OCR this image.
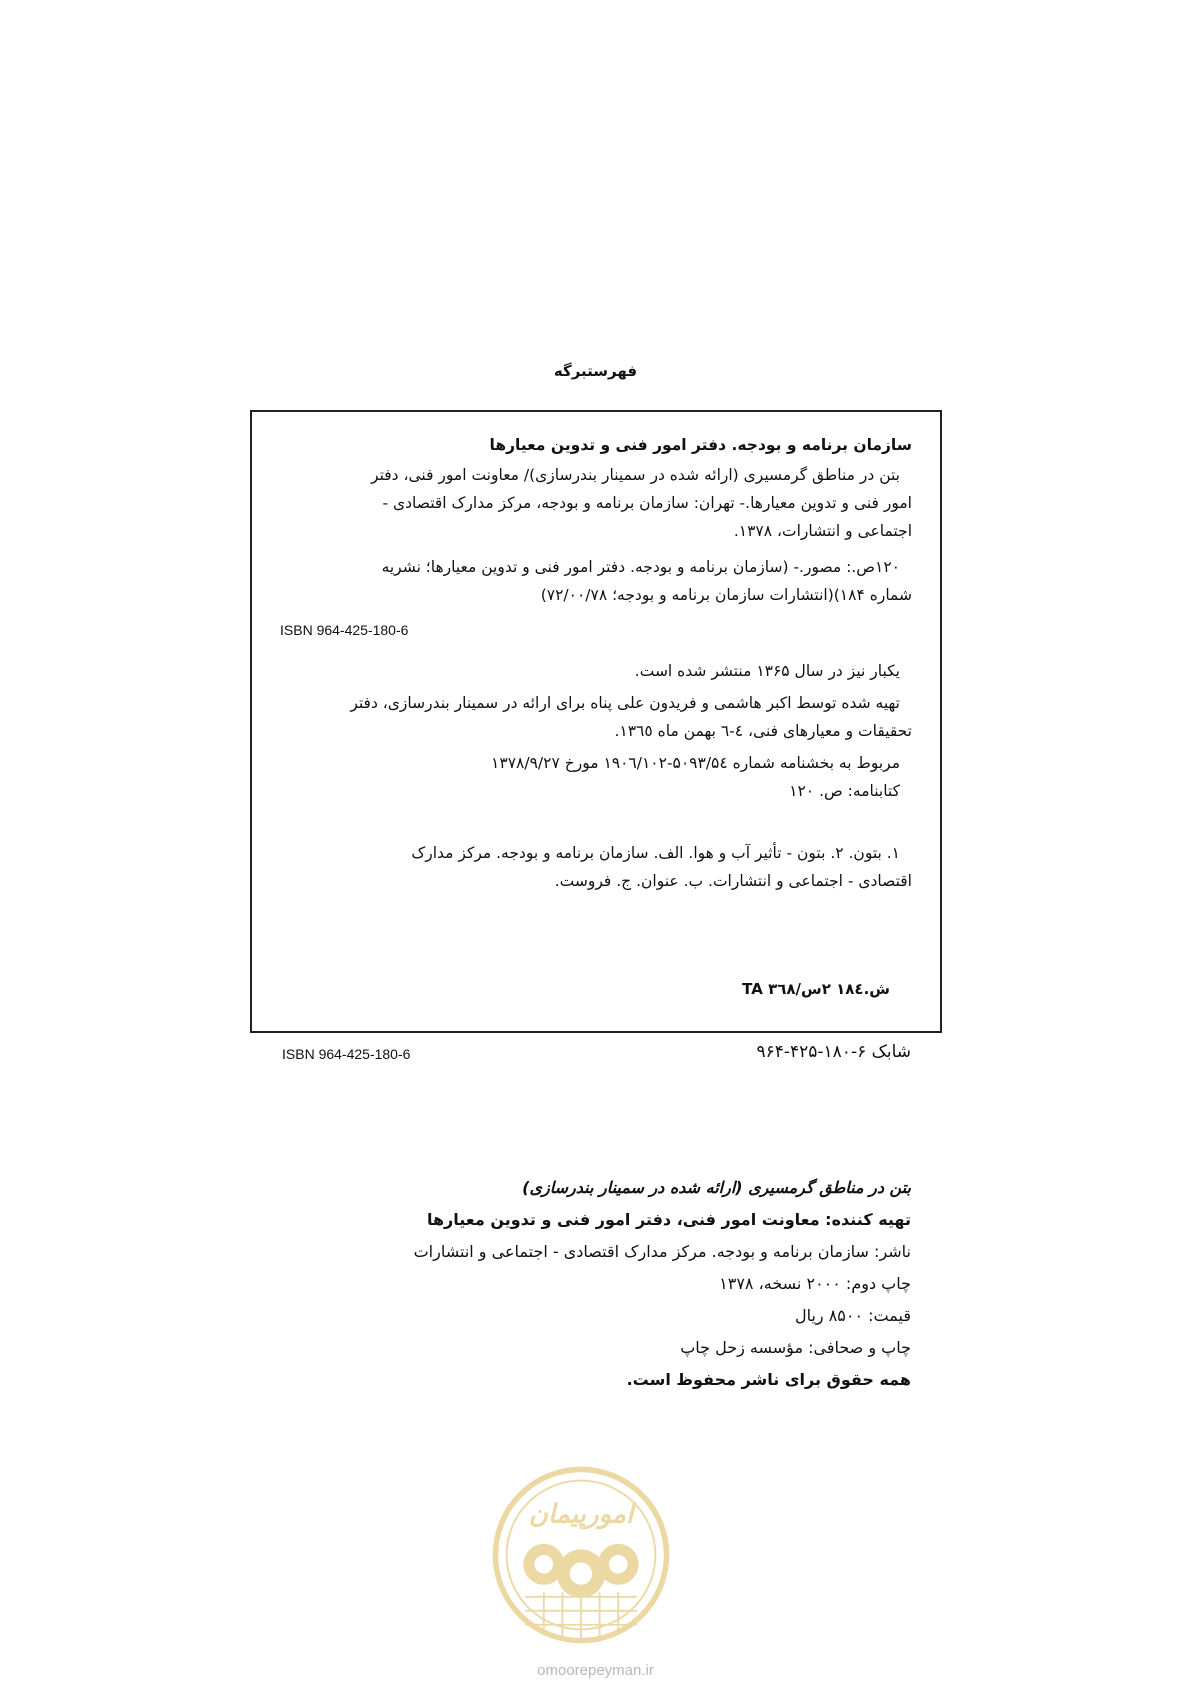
فهرستبرگه
سازمان برنامه و بودجه. دفتر امور فنی و تدوین معیارها
بتن در مناطق گرمسیری (ارائه شده در سمینار بندرسازی)/ معاونت امور فنی، دفتر
امور فنی و تدوین معیارها.- تهران: سازمان برنامه و بودجه، مرکز مدارک اقتصادی -
اجتماعی و انتشارات، ۱۳۷۸.
۱۲۰ص.: مصور.- (سازمان برنامه و بودجه. دفتر امور فنی و تدوین معیارها؛ نشریه
شماره ۱۸۴)(انتشارات سازمان برنامه و بودجه؛ ۷۲/۰۰/۷۸)
ISBN 964-425-180-6
یکبار نیز در سال ۱۳۶۵ منتشر شده است.
تهیه شده توسط اکبر هاشمی و فریدون علی پناه برای ارائه در سمینار بندرسازی، دفتر
تحقیقات و معیارهای فنی، ٤-٦ بهمن ماه ١٣٦٥.
مربوط به بخشنامه شماره ۵۰۹۳/۵٤-١٩٠٦/١٠٢ مورخ ۱۳۷۸/۹/۲۷
کتابنامه: ص. ۱۲۰
۱. بتون. ۲. بتون - تأثیر آب و هوا. الف. سازمان برنامه و بودجه. مرکز مدارک
اقتصادی - اجتماعی و انتشارات. ب. عنوان. ج. فروست.
ش.۱۸٤ ۲س/۳٦۸ TA
شابک ۶-۱۸۰-۴۲۵-۹۶۴
ISBN 964-425-180-6
بتن در مناطق گرمسیری (ارائه شده در سمینار بندرسازی)
تهیه کننده: معاونت امور فنی، دفتر امور فنی و تدوین معیارها
ناشر: سازمان برنامه و بودجه. مرکز مدارک اقتصادی - اجتماعی و انتشارات
چاپ دوم: ۲۰۰۰ نسخه، ۱۳۷۸
قیمت: ۸۵۰۰ ریال
چاپ و صحافی: مؤسسه زحل چاپ
همه حقوق برای ناشر محفوظ است.
امورپیمان
omoorepeyman.ir
